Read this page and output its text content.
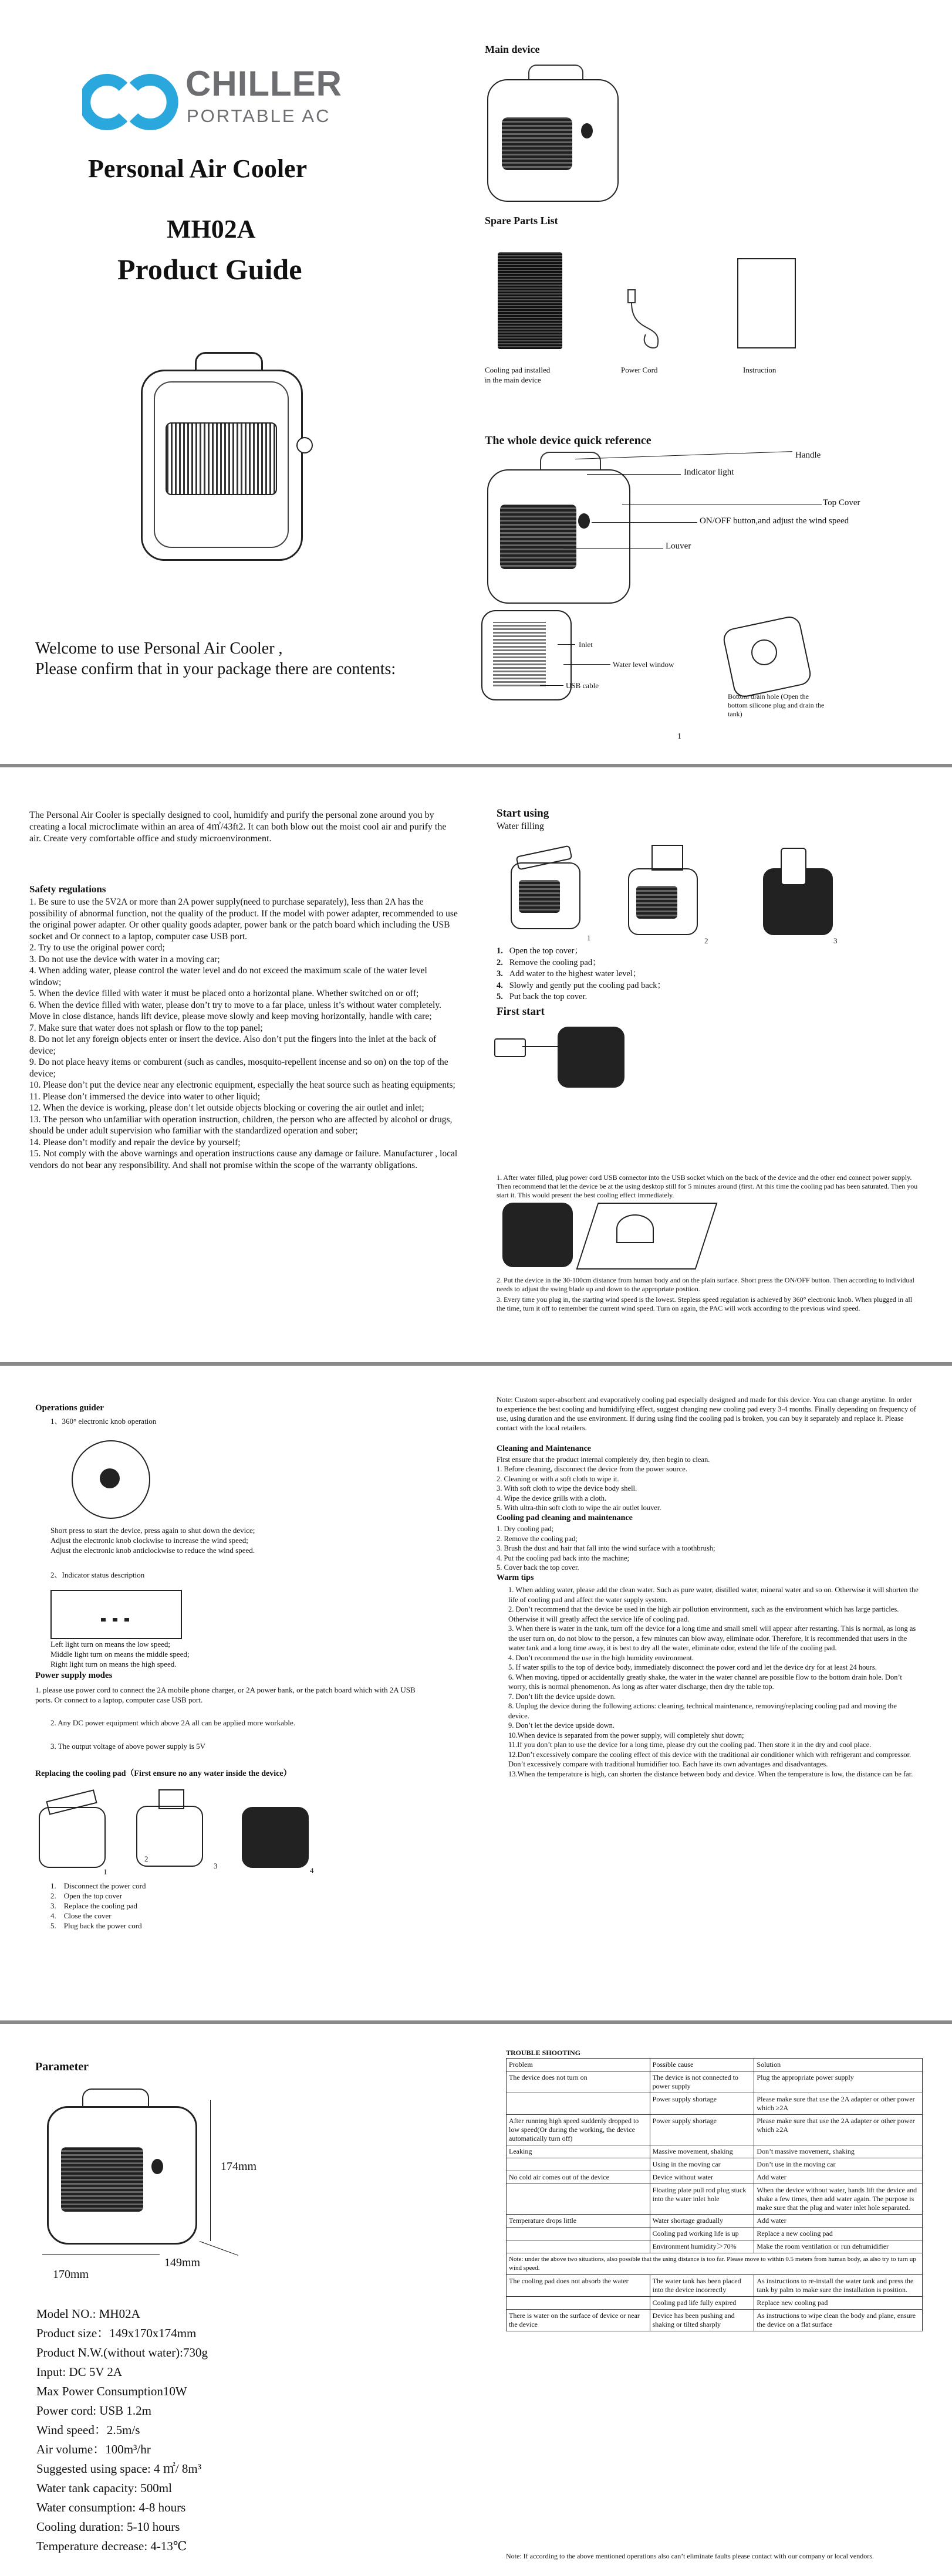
CHILLER
PORTABLE AC
Personal Air Cooler
MH02A
Product Guide
Welcome to use Personal Air Cooler ,
Please confirm that in your package there are contents:
Main device
Spare Parts List
Cooling pad installed in the main device
Power Cord	Instruction
The whole device quick reference
Handle
Indicator light
Top Cover
ON/OFF button,and adjust the wind speed
Louver
Inlet
Water level window
USB cable
Bottom drain hole (Open the bottom silicone plug and drain the tank)
1
The Personal Air Cooler is specially designed to cool, humidify and purify the personal zone around you by creating a local microclimate within an area of 4㎡/43ft2. It can both blow out the moist cool air and purify the air. Create very comfortable office and study microenvironment.
Safety regulations
1. Be sure to use the 5V2A or more than 2A power supply(need to purchase separately), less than 2A has the possibility of abnormal function, not the quality of the product. If the model with power adapter, recommended to use the original power adapter. Or other quality goods adapter, power bank or the patch board which including the USB socket and Or connect to a laptop, computer case USB port.
2. Try to use the original power cord;
3. Do not use the device with water in a moving car;
4. When adding water, please control the water level and do not exceed the maximum scale of the water level window;
5. When the device filled with water it must be placed onto a horizontal plane. Whether switched on or off;
6. When the device filled with water, please don’t try to move to a far place, unless it’s without water completely. Move in close distance, hands lift device, please move slowly and keep moving horizontally, handle with care;
7. Make sure that water does not splash or flow to the top panel;
8. Do not let any foreign objects enter or insert the device. Also don’t put the fingers into the inlet at the back of device;
9. Do not place heavy items or comburent (such as candles, mosquito-repellent incense and so on) on the top of the device;
10. Please don’t put the device near any electronic equipment, especially the heat source such as heating equipments;
11. Please don’t immersed the device into water to other liquid;
12. When the device is working, please don’t let outside objects blocking or covering the air outlet and inlet;
13. The person who unfamiliar with operation instruction, children, the person who are affected by alcohol or drugs, should be under adult supervision who familiar with the standardized operation and sober;
14. Please don’t modify and repair the device by yourself;
15. Not comply with the above warnings and operation instructions cause any damage or failure. Manufacturer , local vendors do not bear any responsibility. And shall not promise within the scope of the warranty obligations.
Start using
Water filling
1	2	3
1. Open the top cover；
2. Remove the cooling pad；
3. Add water to the highest water level；
4. Slowly and gently put the cooling pad back；
5. Put back the top cover.
First start
1. After water filled, plug power cord USB connector into the USB socket which on the back of the device and the other end connect power supply. Then recommend that let the device be at the using desktop still for 5 minutes around (first. At this time the cooling pad has been saturated. Then you start it. This would present the best cooling effect immediately.
2. Put the device in the 30-100cm distance from human body and on the plain surface. Short press the ON/OFF button. Then according to individual needs to adjust the swing blade up and down to the appropriate position.
3. Every time you plug in, the starting wind speed is the lowest. Stepless speed regulation is achieved by 360° electronic knob. When plugged in all the time, turn it off to remember the current wind speed. Turn on again, the PAC will work according to the previous wind speed.
Operations guider
1、360° electronic knob operation
Short press to start the device, press again to shut down the device;
Adjust the electronic knob clockwise to increase the wind speed;
Adjust the electronic knob anticlockwise to reduce the wind speed.
2、Indicator status description
Left light turn on means the low speed;
Middle light turn on means the middle speed;
Right light turn on means the high speed.
Power supply modes
1. please use power cord to connect the 2A mobile phone charger, or 2A power bank, or the patch board which with 2A USB ports. Or connect to a laptop, computer case USB port.
2. Any DC power equipment which above 2A all can be applied more workable.
3. The output voltage of above power supply is 5V
Replacing the cooling pad（First ensure no any water inside the device）
1
2
3
4
1.    Disconnect the power cord
2.    Open the top cover
3.    Replace the cooling pad
4.    Close the cover
5.    Plug back the power cord
Note: Custom super-absorbent and evaporatively cooling pad especially designed and made for this device. You can change anytime. In order to experience the best cooling and humidifying effect, suggest changing new cooling pad every 3-4 months. Finally depending on frequency of use, using duration and the use environment. If during using find the cooling pad is broken, you can buy it separately and replace it. Please contact with the local retailers.
Cleaning and Maintenance
First ensure that the product internal completely dry, then begin to clean.
1. Before cleaning, disconnect the device from the power source.
2. Cleaning or with a soft cloth to wipe it.
3. With soft cloth to wipe the device body shell.
4. Wipe the device grills with a cloth.
5. With ultra-thin soft cloth to wipe the air outlet louver.
Cooling pad cleaning and maintenance
1. Dry cooling pad;
2. Remove the cooling pad;
3. Brush the dust and hair that fall into the wind surface with a toothbrush;
4. Put the cooling pad back into the machine;
5. Cover back the top cover.
Warm tips
1. When adding water, please add the clean water. Such as pure water, distilled water, mineral water and so on. Otherwise it will shorten the life of cooling pad and affect the water supply system.
2. Don’t recommend that the device be used in the high air pollution environment, such as the environment which has large particles. Otherwise it will greatly affect the service life of cooling pad.
3. When there is water in the tank, turn off the device for a long time and small smell will appear after restarting. This is normal, as long as the user turn on, do not blow to the person, a few minutes can blow away, eliminate odor. Therefore, it is recommended that users in the water tank and a long time away, it is best to dry all the water, eliminate odor, extend the life of the cooling pad.
4. Don’t recommend the use in the high humidity environment.
5. If water spills to the top of device body, immediately disconnect the power cord and let the device dry for at least 24 hours.
6. When moving, tipped or accidentally greatly shake, the water in the water channel are possible flow to the bottom drain hole. Don’t worry, this is normal phenomenon. As long as after water discharge, then dry the table top.
7. Don’t lift the device upside down.
8. Unplug the device during the following actions: cleaning, technical maintenance, removing/replacing cooling pad and moving the device.
9. Don’t let the device upside down.
10.When device is separated from the power supply, will completely shut down;
11.If you don’t plan to use the device for a long time, please dry out the cooling pad. Then store it in the dry and cool place.
12.Don’t excessively compare the cooling effect of this device with the traditional air conditioner which with refrigerant and compressor. Don’t excessively compare with traditional humidifier too. Each have its own advantages and disadvantages.
13.When the temperature is high, can shorten the distance between body and device. When the temperature is low, the distance can be far.
Parameter
174mm
149mm
170mm
Model NO.: MH02A
Product size：149x170x174mm
Product N.W.(without water):730g
Input: DC 5V 2A
Max Power Consumption10W
Power cord: USB 1.2m
Wind speed：2.5m/s
Air volume：100m³/hr
Suggested using space: 4 ㎡/ 8m³
Water tank capacity: 500ml
Water consumption: 4-8 hours
Cooling duration: 5-10 hours
Temperature decrease: 4-13℃
TROUBLE SHOOTING
Problem	Possible cause	Solution
The device does not turn on	The device is not connected to power supply	Plug the appropriate power supply
	Power supply shortage	Please make sure that use the 2A adapter or other power which ≥2A
After running high speed suddenly dropped to low speed(Or during the working, the device automatically turn off)	Power supply shortage	Please make sure that use the 2A adapter or other power which ≥2A
Leaking	Massive movement, shaking	Don’t massive movement, shaking
	Using in the moving car	Don’t use in the moving car
No cold air comes out of the device	Device without water	Add water
	Floating plate pull rod plug stuck into the water inlet hole	When the device without water, hands lift the device and shake a few times, then add water again. The purpose is make sure that the plug and water inlet hole separated.
Temperature drops little	Water shortage gradually	Add water
	Cooling pad working life is up	Replace a new cooling pad
	Environment humidity＞70%	Make the room ventilation or run dehumidifier
Note: under the above two situations, also possible that the using distance is too far. Please move to within 0.5 meters from human body, as also try to turn up wind speed.		
The cooling pad does not absorb the water	The water tank has been placed into the device incorrectly	As instructions to re-install the water tank and press the tank by palm to make sure the installation is position.
	Cooling pad life fully expired	Replace new cooling pad
There is water on the surface of device or near the device	Device has been pushing and shaking or tilted sharply	As instructions to wipe clean the body and plane, ensure the device on a flat surface
Note: If according to the above mentioned operations also can’t eliminate faults please contact with our company or local vendors.
